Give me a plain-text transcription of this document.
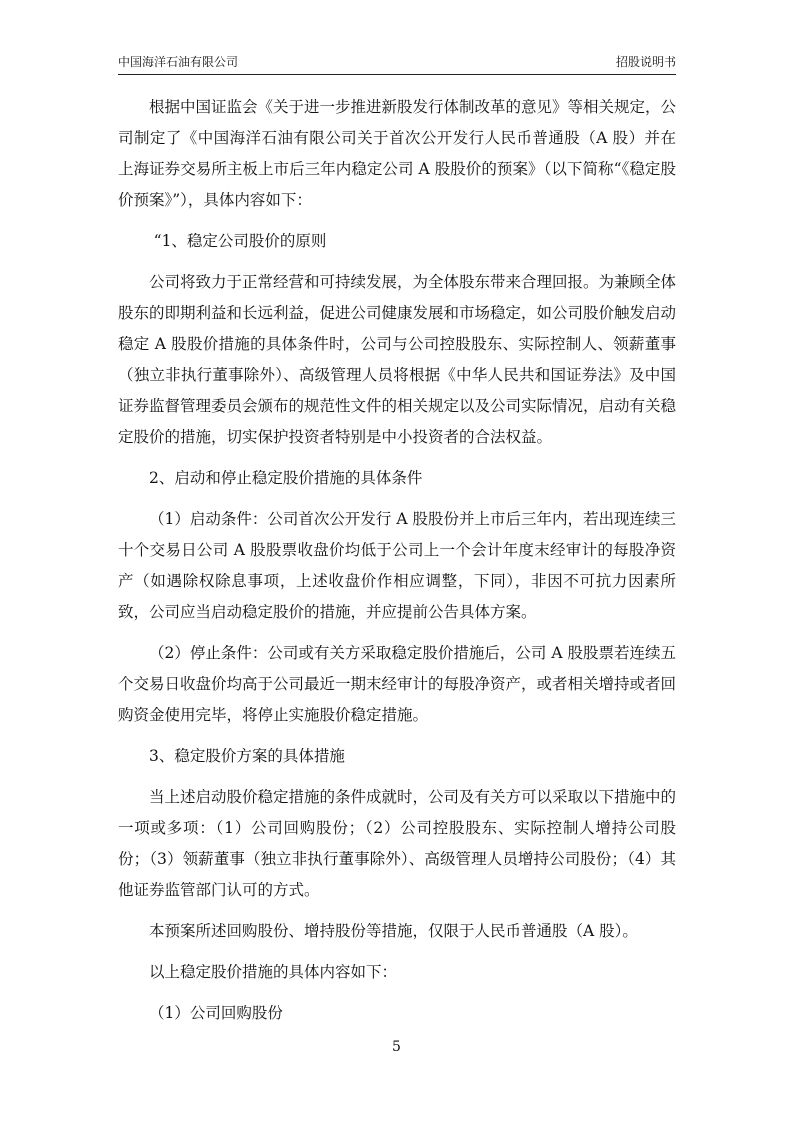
中国海洋石油有限公司	招股说明书

根据中国证监会《关于进一步推进新股发行体制改革的意见》等相关规定，公司制定了《中国海洋石油有限公司关于首次公开发行人民币普通股（A 股）并在上海证券交易所主板上市后三年内稳定公司 A 股股价的预案》（以下简称“《稳定股价预案》”），具体内容如下：

“1、稳定公司股价的原则

公司将致力于正常经营和可持续发展，为全体股东带来合理回报。为兼顾全体股东的即期利益和长远利益，促进公司健康发展和市场稳定，如公司股价触发启动稳定 A 股股价措施的具体条件时，公司与公司控股股东、实际控制人、领薪董事（独立非执行董事除外）、高级管理人员将根据《中华人民共和国证券法》及中国证券监督管理委员会颁布的规范性文件的相关规定以及公司实际情况，启动有关稳定股价的措施，切实保护投资者特别是中小投资者的合法权益。

2、启动和停止稳定股价措施的具体条件

（1）启动条件：公司首次公开发行 A 股股份并上市后三年内，若出现连续三十个交易日公司 A 股股票收盘价均低于公司上一个会计年度末经审计的每股净资产（如遇除权除息事项，上述收盘价作相应调整，下同），非因不可抗力因素所致，公司应当启动稳定股价的措施，并应提前公告具体方案。

（2）停止条件：公司或有关方采取稳定股价措施后，公司 A 股股票若连续五个交易日收盘价均高于公司最近一期末经审计的每股净资产，或者相关增持或者回购资金使用完毕，将停止实施股价稳定措施。

3、稳定股价方案的具体措施

当上述启动股价稳定措施的条件成就时，公司及有关方可以采取以下措施中的一项或多项：（1）公司回购股份；（2）公司控股股东、实际控制人增持公司股份；（3）领薪董事（独立非执行董事除外）、高级管理人员增持公司股份；（4）其他证券监管部门认可的方式。

本预案所述回购股份、增持股份等措施，仅限于人民币普通股（A 股）。

以上稳定股价措施的具体内容如下：

（1）公司回购股份

5
